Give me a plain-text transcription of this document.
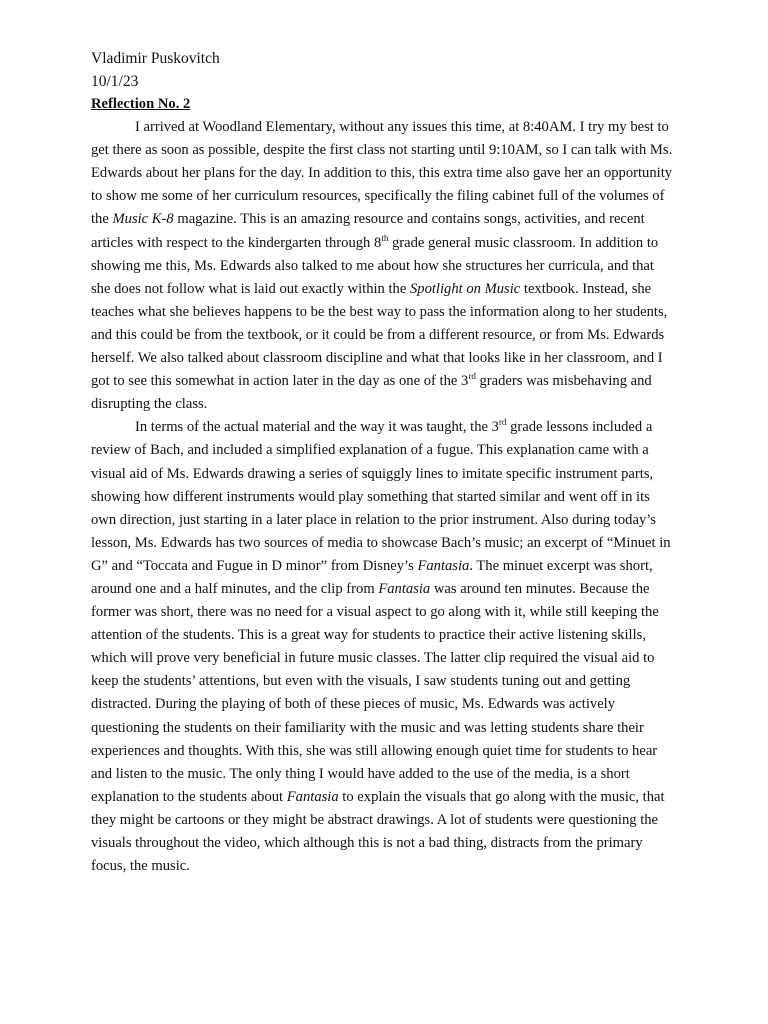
Vladimir Puskovitch
10/1/23
Reflection No. 2

I arrived at Woodland Elementary, without any issues this time, at 8:40AM. I try my best to get there as soon as possible, despite the first class not starting until 9:10AM, so I can talk with Ms. Edwards about her plans for the day. In addition to this, this extra time also gave her an opportunity to show me some of her curriculum resources, specifically the filing cabinet full of the volumes of the Music K-8 magazine. This is an amazing resource and contains songs, activities, and recent articles with respect to the kindergarten through 8th grade general music classroom. In addition to showing me this, Ms. Edwards also talked to me about how she structures her curricula, and that she does not follow what is laid out exactly within the Spotlight on Music textbook. Instead, she teaches what she believes happens to be the best way to pass the information along to her students, and this could be from the textbook, or it could be from a different resource, or from Ms. Edwards herself. We also talked about classroom discipline and what that looks like in her classroom, and I got to see this somewhat in action later in the day as one of the 3rd graders was misbehaving and disrupting the class.

In terms of the actual material and the way it was taught, the 3rd grade lessons included a review of Bach, and included a simplified explanation of a fugue. This explanation came with a visual aid of Ms. Edwards drawing a series of squiggly lines to imitate specific instrument parts, showing how different instruments would play something that started similar and went off in its own direction, just starting in a later place in relation to the prior instrument. Also during today’s lesson, Ms. Edwards has two sources of media to showcase Bach’s music; an excerpt of “Minuet in G” and “Toccata and Fugue in D minor” from Disney’s Fantasia. The minuet excerpt was short, around one and a half minutes, and the clip from Fantasia was around ten minutes. Because the former was short, there was no need for a visual aspect to go along with it, while still keeping the attention of the students. This is a great way for students to practice their active listening skills, which will prove very beneficial in future music classes. The latter clip required the visual aid to keep the students’ attentions, but even with the visuals, I saw students tuning out and getting distracted. During the playing of both of these pieces of music, Ms. Edwards was actively questioning the students on their familiarity with the music and was letting students share their experiences and thoughts. With this, she was still allowing enough quiet time for students to hear and listen to the music. The only thing I would have added to the use of the media, is a short explanation to the students about Fantasia to explain the visuals that go along with the music, that they might be cartoons or they might be abstract drawings. A lot of students were questioning the visuals throughout the video, which although this is not a bad thing, distracts from the primary focus, the music.
